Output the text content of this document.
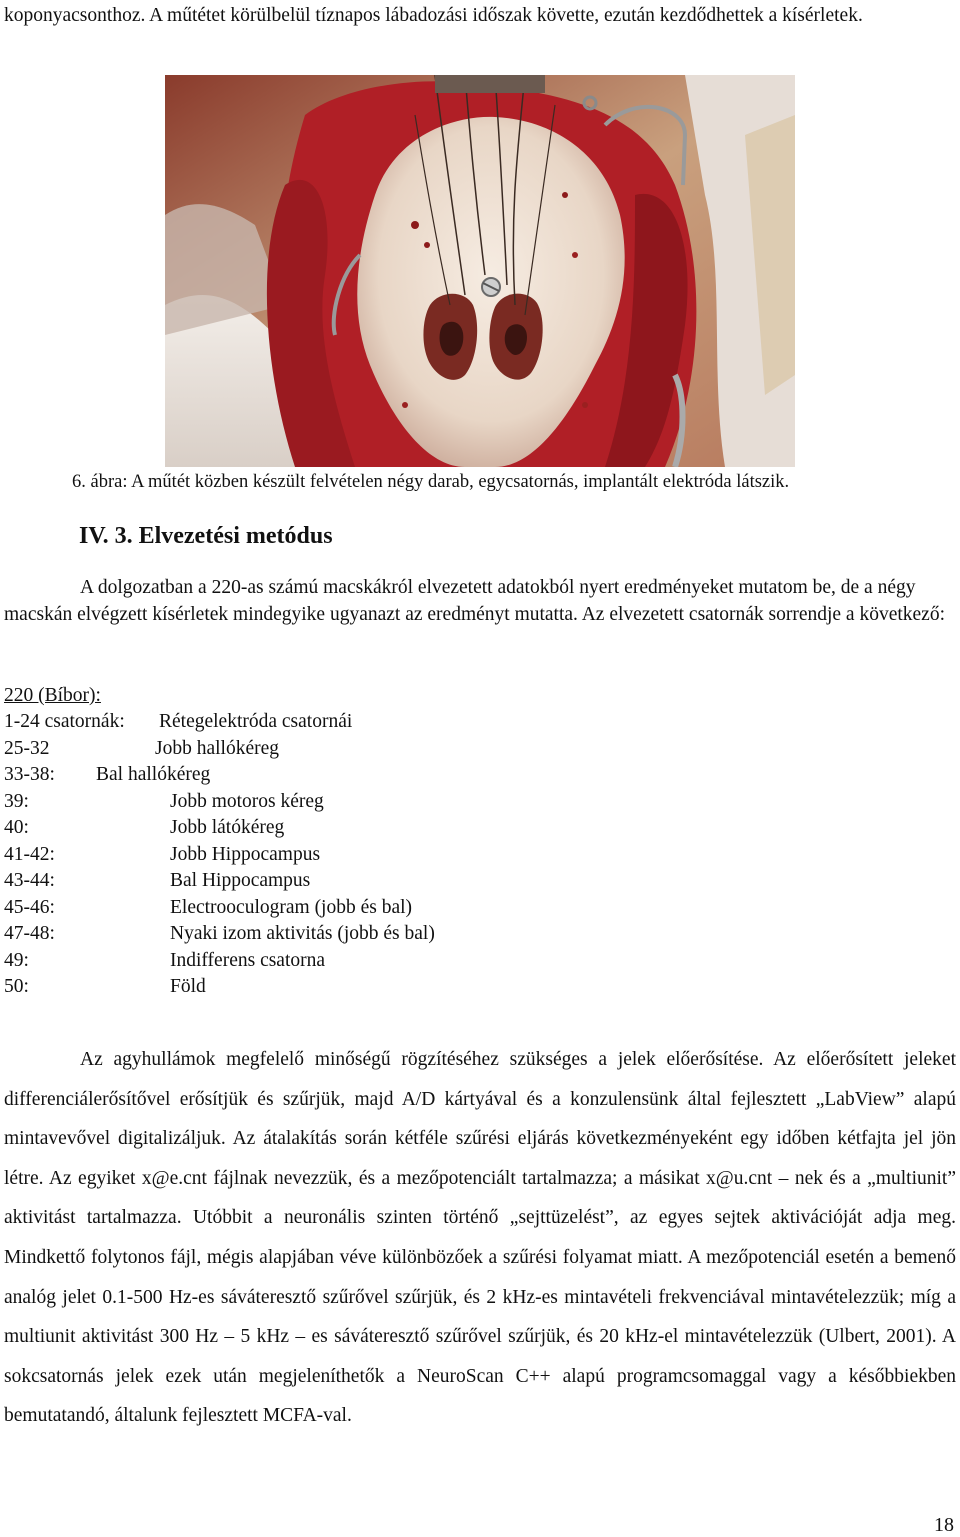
koponyacsonthoz. A műtétet körülbelül tíznapos lábadozási időszak követte, ezután kezdődhettek a kísérletek.
6. ábra: A műtét közben készült felvételen négy darab, egycsatornás, implantált elektróda látszik.
IV. 3. Elvezetési metódus
A dolgozatban a 220-as számú macskákról elvezetett adatokból nyert eredményeket mutatom be, de a négy macskán elvégzett kísérletek mindegyike ugyanazt az eredményt mutatta. Az elvezetett csatornák sorrendje a következő:
220 (Bíbor):
1-24 csatornák: Rétegelektróda csatornái
25-32	Jobb hallókéreg
33-38: Bal hallókéreg
39:	Jobb motoros kéreg
40:	Jobb látókéreg
41-42:	Jobb Hippocampus
43-44:	Bal Hippocampus
45-46:	Electrooculogram (jobb és bal)
47-48:	Nyaki izom aktivitás (jobb és bal)
49:	Indifferens csatorna
50:	Föld
Az agyhullámok megfelelő minőségű rögzítéséhez szükséges a jelek előerősítése. Az előerősített jeleket differenciálerősítővel erősítjük és szűrjük, majd A/D kártyával és a konzulensünk által fejlesztett „LabView” alapú mintavevővel digitalizáljuk. Az átalakítás során kétféle szűrési eljárás következményeként egy időben kétfajta jel jön létre. Az egyiket x@e.cnt fájlnak nevezzük, és a mezőpotenciált tartalmazza; a másikat x@u.cnt – nek és a „multiunit” aktivitást tartalmazza. Utóbbit a neuronális szinten történő „sejttüzelést”, az egyes sejtek aktivációját adja meg. Mindkettő folytonos fájl, mégis alapjában véve különbözőek a szűrési folyamat miatt. A mezőpotenciál esetén a bemenő analóg jelet 0.1-500 Hz-es sáváteresztő szűrővel szűrjük, és 2 kHz-es mintavételi frekvenciával mintavételezzük; míg a multiunit aktivitást 300 Hz – 5 kHz – es sáváteresztő szűrővel szűrjük, és 20 kHz-el mintavételezzük (Ulbert, 2001). A sokcsatornás jelek ezek után megjeleníthetők a NeuroScan C++ alapú programcsomaggal vagy a későbbiekben bemutatandó, általunk fejlesztett MCFA-val.
18
